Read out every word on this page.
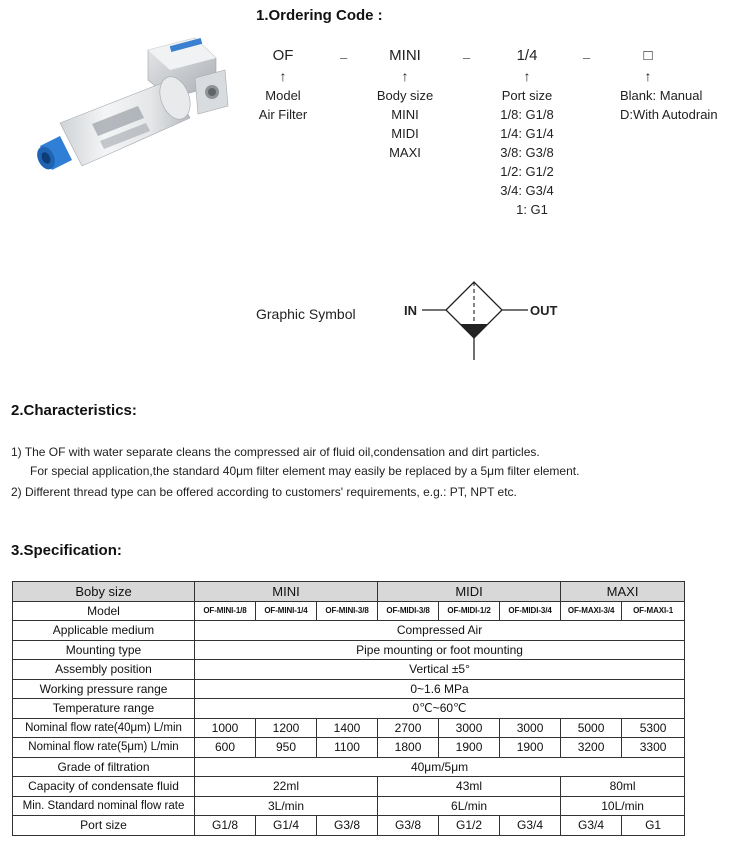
1.Ordering Code :
OF
↑
Model
Air Filter
–	MINI
↑
Body size
MINI
MIDI
MAXI
–	1/4
↑
Port size
1/8: G1/8
1/4: G1/4
3/8: G3/8
1/2: G1/2
3/4: G3/4
1: G1
–	□
↑
Blank: Manual
D:With Autodrain
Graphic Symbol	IN	OUT
2.Characteristics:
1) The OF with water separate cleans the compressed air of fluid oil,condensation and dirt particles.
For special application,the standard 40μm filter element may easily be replaced by a 5μm filter element.
2) Different thread type can be offered according to customers' requirements, e.g.: PT, NPT etc.
3.Specification:
Boby size	MINI			MIDI			MAXI	
Model	OF-MINI-1/8	OF-MINI-1/4	OF-MINI-3/8	OF-MIDI-3/8	OF-MIDI-1/2	OF-MIDI-3/4	OF-MAXI-3/4	OF-MAXI-1
Applicable medium	Compressed Air							
Mounting type	Pipe mounting or foot mounting							
Assembly position	Vertical ±5°							
Working pressure range	0~1.6 MPa							
Temperature range	0℃~60℃							
Nominal flow rate(40μm) L/min	1000	1200	1400	2700	3000	3000	5000	5300
Nominal flow rate(5μm) L/min	600	950	1100	1800	1900	1900	3200	3300
Grade of filtration	40μm/5μm							
Capacity of condensate fluid	22ml			43ml			80ml	
Min. Standard nominal flow rate	3L/min			6L/min			10L/min	
Port size	G1/8	G1/4	G3/8	G3/8	G1/2	G3/4	G3/4	G1
